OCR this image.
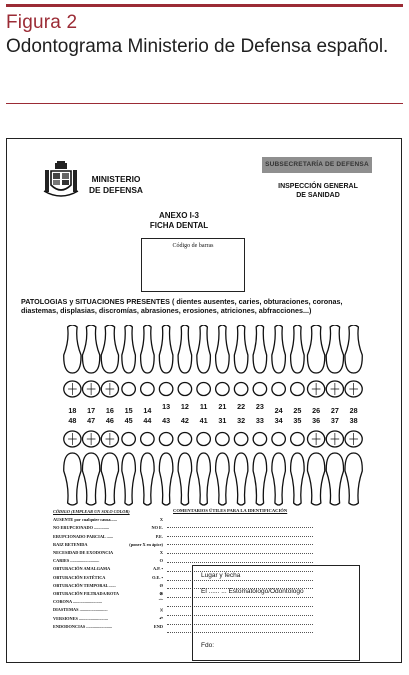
Figura 2
Odontograma Ministerio de Defensa español.
MINISTERIO
DE DEFENSA
SUBSECRETARÍA DE DEFENSA
INSPECCIÓN GENERAL
DE SANIDAD
ANEXO I-3
FICHA DENTAL
Código de barras
PATOLOGIAS y SITUACIONES PRESENTES ( dientes ausentes, caries, obturaciones, coronas, diastemas, displasias, discromías, abrasiones, erosiones, atriciones, abfracciones...)
18 17 16 15 14 13 12 11 21 22 23 24 25 26 27 28
48 47 46 45 44 43 42 41 31 32 33 34 35 36 37 38
CÓDIGO (EMPLEAR UN SOLO COLOR)
AUSENTE por cualquier causa......	X
NO ERUPCIONADO ..............	NO E.
ERUPCIONADO PARCIAL ......	P.E.
RAIZ RETENIDA	(poner X en ápice)
NECESIDAD DE EXODONCIA	X
CARIES ...........................	O
OBTURACIÓN AMALGAMA	A.P. •
OBTURACIÓN ESTÉTICA	O.E. •
OBTURACIÓN TEMPORAL ......	Ø
OBTURACIÓN FILTRADA/ROTA	⊗
CORONA ...........................	⌒
DIASTEMAS ..........................	)(
VERSIONES ...........................	↶
ENDODONCIAS ........................	END
COMENTARIOS ÚTILES PARA LA IDENTIFICACIÓN
Lugar y fecha
El ...... ... Estomatólogo/Odontólogo
Fdo:
